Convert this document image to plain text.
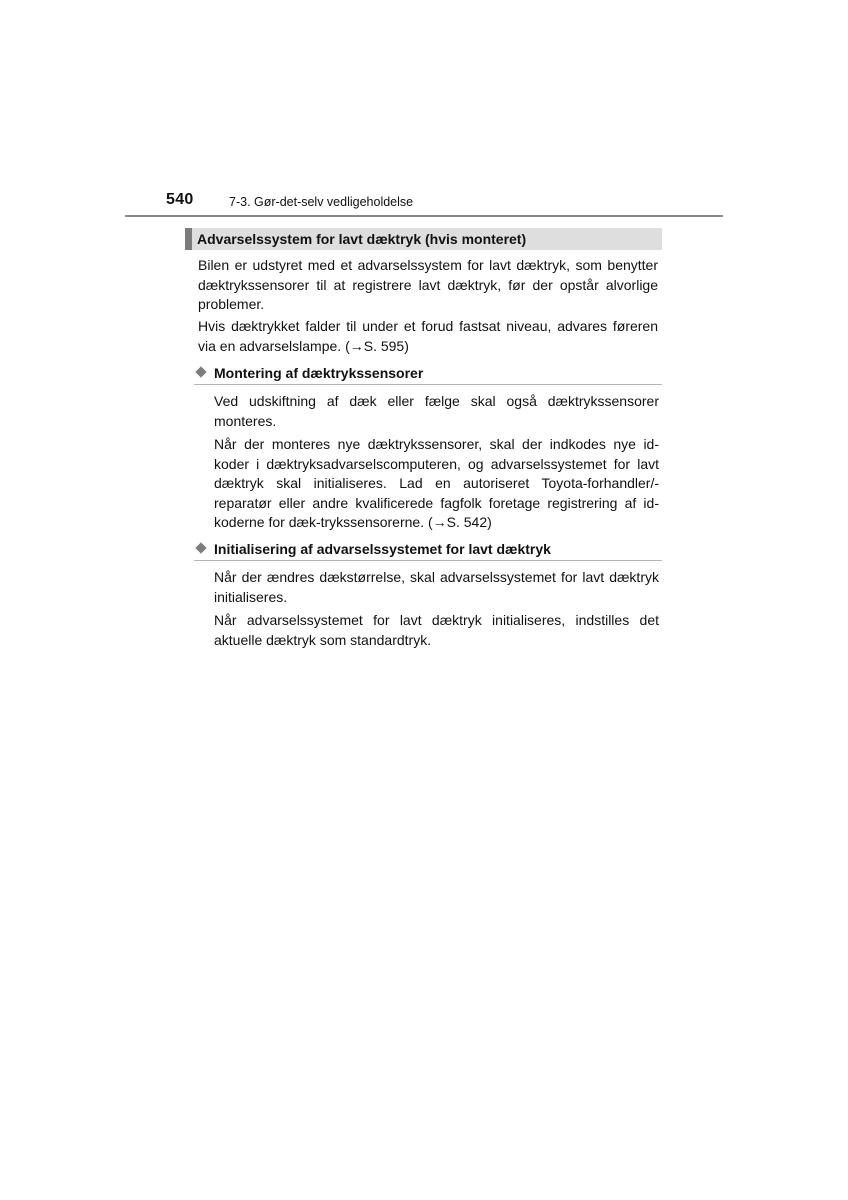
540	7-3. Gør-det-selv vedligeholdelse
Advarselssystem for lavt dæktryk (hvis monteret)

Bilen er udstyret med et advarselssystem for lavt dæktryk, som benytter dæktrykssensorer til at registrere lavt dæktryk, før der opstår alvorlige problemer.

Hvis dæktrykket falder til under et forud fastsat niveau, advares føreren via en advarselslampe. (→S. 595)

Montering af dæktrykssensorer

Ved udskiftning af dæk eller fælge skal også dæktrykssensorer monteres.

Når der monteres nye dæktrykssensorer, skal der indkodes nye id-koder i dæktryksadvarselscomputeren, og advarselssystemet for lavt dæktryk skal initialiseres. Lad en autoriseret Toyota-forhandler/-reparatør eller andre kvalificerede fagfolk foretage registrering af id-koderne for dæk-trykssensorerne. (→S. 542)

Initialisering af advarselssystemet for lavt dæktryk

Når der ændres dækstørrelse, skal advarselssystemet for lavt dæktryk initialiseres.

Når advarselssystemet for lavt dæktryk initialiseres, indstilles det aktuelle dæktryk som standardtryk.
